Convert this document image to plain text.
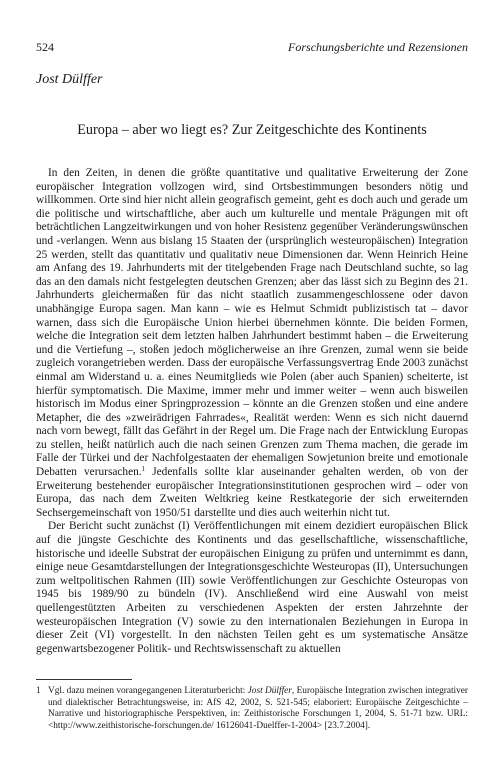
524	Forschungsberichte und Rezensionen
Jost Dülffer
Europa – aber wo liegt es? Zur Zeitgeschichte des Kontinents

In den Zeiten, in denen die größte quantitative und qualitative Erweiterung der Zone europäischer Integration vollzogen wird, sind Ortsbestimmungen besonders nötig und willkommen. Orte sind hier nicht allein geografisch gemeint, geht es doch auch und gerade um die politische und wirtschaftliche, aber auch um kulturelle und mentale Prägungen mit oft beträchtlichen Langzeitwirkungen und von hoher Resistenz gegenüber Veränderungswünschen und -verlangen. Wenn aus bislang 15 Staaten der (ursprünglich westeuropäischen) Integration 25 werden, stellt das quantitativ und qualitativ neue Dimensionen dar. Wenn Heinrich Heine am Anfang des 19. Jahrhunderts mit der titelgebenden Frage nach Deutschland suchte, so lag das an den damals nicht festgelegten deutschen Grenzen; aber das lässt sich zu Beginn des 21. Jahrhunderts gleichermaßen für das nicht staatlich zusammengeschlossene oder davon unabhängige Europa sagen. Man kann – wie es Helmut Schmidt publizistisch tat – davor warnen, dass sich die Europäische Union hierbei übernehmen könnte. Die beiden Formen, welche die Integration seit dem letzten halben Jahrhundert bestimmt haben – die Erweiterung und die Vertiefung –, stoßen jedoch möglicherweise an ihre Grenzen, zumal wenn sie beide zugleich vorangetrieben werden. Dass der europäische Verfassungsvertrag Ende 2003 zunächst einmal am Widerstand u. a. eines Neumitglieds wie Polen (aber auch Spanien) scheiterte, ist hierfür symptomatisch. Die Maxime, immer mehr und immer weiter – wenn auch bisweilen historisch im Modus einer Springprozession – könnte an die Grenzen stoßen und eine andere Metapher, die des »zweirädrigen Fahrrades«, Realität werden: Wenn es sich nicht dauernd nach vorn bewegt, fällt das Gefährt in der Regel um. Die Frage nach der Entwicklung Europas zu stellen, heißt natürlich auch die nach seinen Grenzen zum Thema machen, die gerade im Falle der Türkei und der Nachfolgestaaten der ehemaligen Sowjetunion breite und emotionale Debatten verursachen.$^1$ Jedenfalls sollte klar auseinander gehalten werden, ob von der Erweiterung bestehender europäischer Integrationsinstitutionen gesprochen wird – oder von Europa, das nach dem Zweiten Weltkrieg keine Restkategorie der sich erweiternden Sechsergemeinschaft von 1950/51 darstellte und dies auch weiterhin nicht tut.

Der Bericht sucht zunächst (I) Veröffentlichungen mit einem dezidiert europäischen Blick auf die jüngste Geschichte des Kontinents und das gesellschaftliche, wissenschaftliche, historische und ideelle Substrat der europäischen Einigung zu prüfen und unternimmt es dann, einige neue Gesamtdarstellungen der Integrationsgeschichte Westeuropas (II), Untersuchungen zum weltpolitischen Rahmen (III) sowie Veröffentlichungen zur Geschichte Osteuropas von 1945 bis 1989/90 zu bündeln (IV). Anschließend wird eine Auswahl von meist quellengestützten Arbeiten zu verschiedenen Aspekten der ersten Jahrzehnte der westeuropäischen Integration (V) sowie zu den internationalen Beziehungen in Europa in dieser Zeit (VI) vorgestellt. In den nächsten Teilen geht es um systematische Ansätze gegenwartsbezogener Politik- und Rechtswissenschaft zu aktuellen

1 Vgl. dazu meinen vorangegangenen Literaturbericht: Jost Dülffer, Europäische Integration zwischen integrativer und dialektischer Betrachtungsweise, in: AfS 42, 2002, S. 521-545; elaboriert: Europäische Zeitgeschichte – Narrative und historiographische Perspektiven, in: Zeithistorische Forschungen 1, 2004, S. 51-71 bzw. URL: <http://www.zeithistorische-forschungen.de/ 16126041-Duelffer-1-2004> [23.7.2004].
